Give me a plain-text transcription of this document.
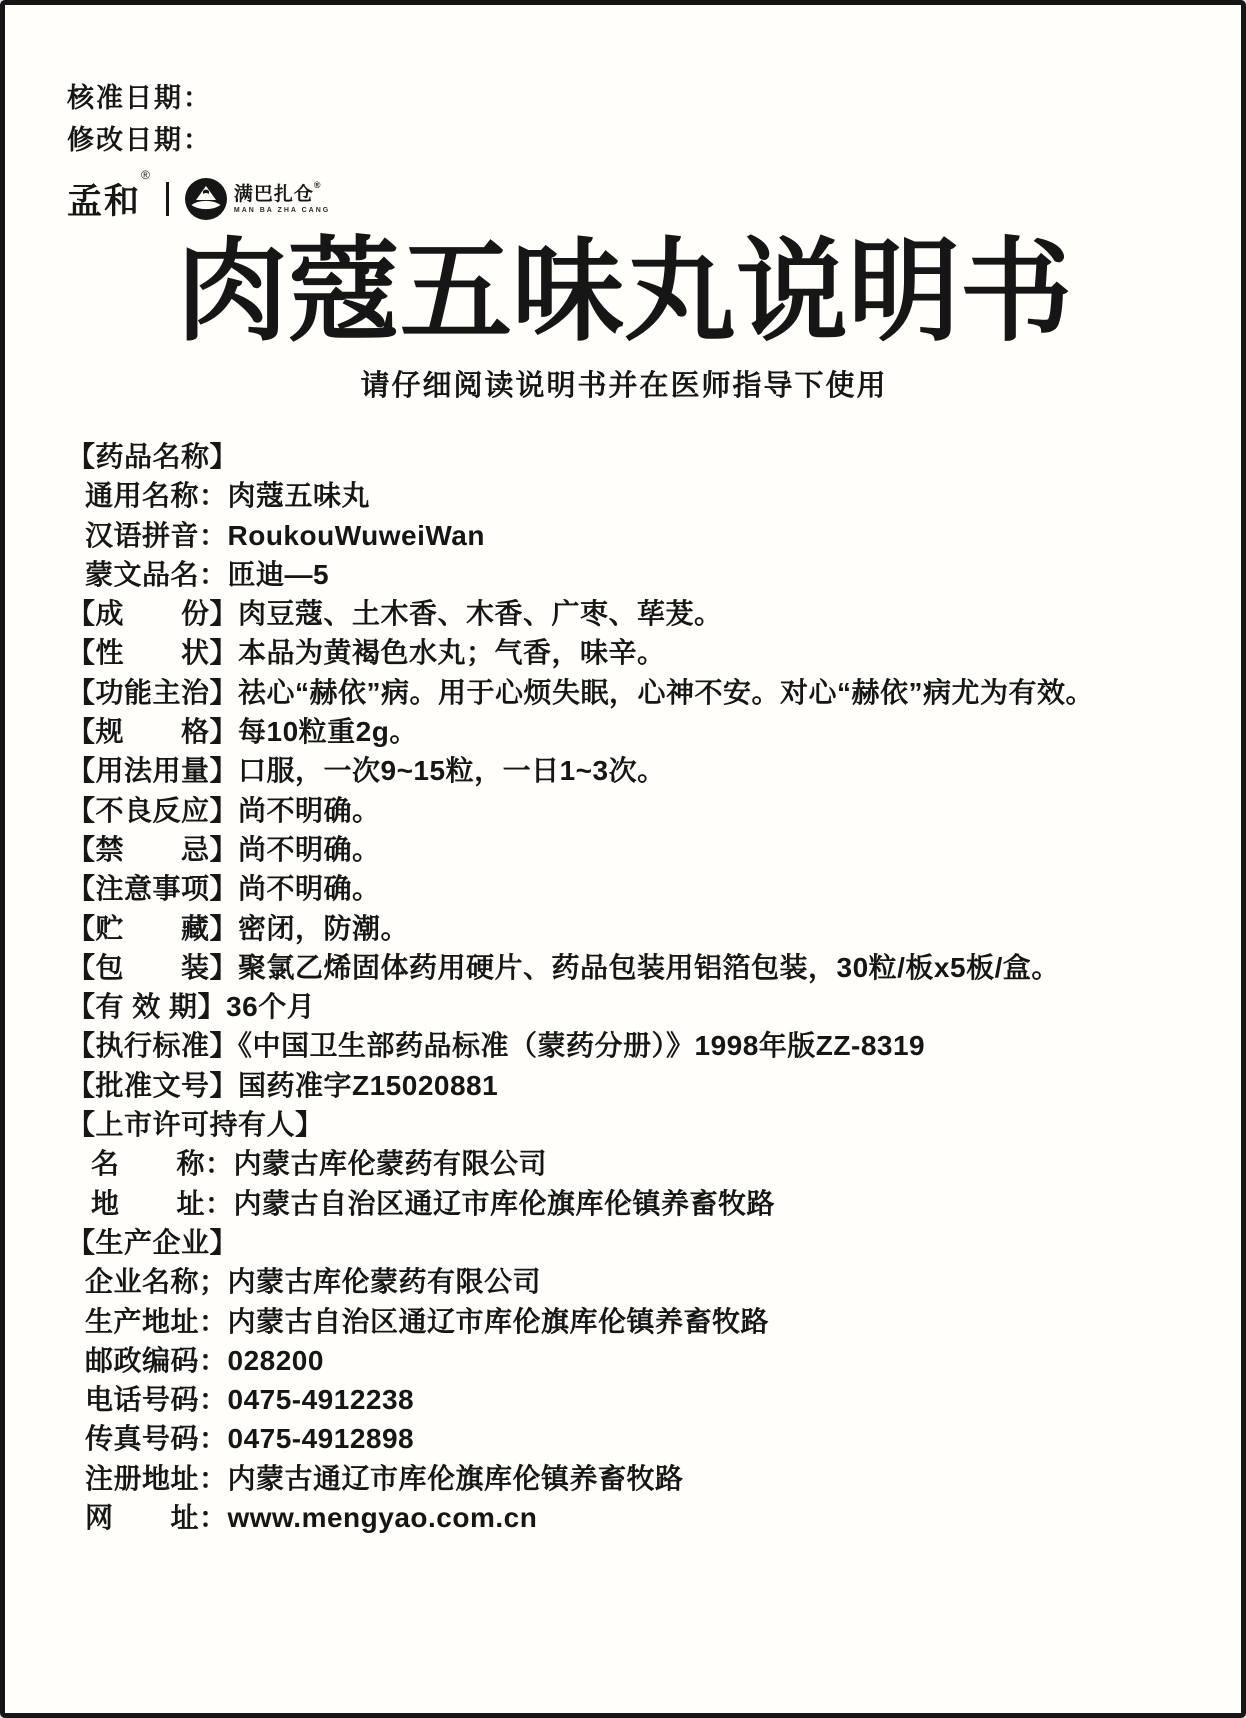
核准日期：
修改日期：
孟和®
满巴扎仓®
MAN BA ZHA CANG
肉蔻五味丸说明书
请仔细阅读说明书并在医师指导下使用
【药品名称】
通用名称：肉蔻五味丸
汉语拼音：RoukouWuweiWan
蒙文品名：匝迪—5
【成　　份】肉豆蔻、土木香、木香、广枣、荜茇。
【性　　状】本品为黄褐色水丸；气香，味辛。
【功能主治】祛心“赫依”病。用于心烦失眠，心神不安。对心“赫依”病尤为有效。
【规　　格】每10粒重2g。
【用法用量】口服，一次9~15粒，一日1~3次。
【不良反应】尚不明确。
【禁　　忌】尚不明确。
【注意事项】尚不明确。
【贮　　藏】密闭，防潮。
【包　　装】聚氯乙烯固体药用硬片、药品包装用铝箔包装，30粒/板x5板/盒。
【有 效 期】36个月
【执行标准】《中国卫生部药品标准（蒙药分册）》1998年版ZZ-8319
【批准文号】国药准字Z15020881
【上市许可持有人】
名　　称：内蒙古库伦蒙药有限公司
地　　址：内蒙古自治区通辽市库伦旗库伦镇养畜牧路
【生产企业】
企业名称；内蒙古库伦蒙药有限公司
生产地址：内蒙古自治区通辽市库伦旗库伦镇养畜牧路
邮政编码：028200
电话号码：0475-4912238
传真号码：0475-4912898
注册地址：内蒙古通辽市库伦旗库伦镇养畜牧路
网　　址：www.mengyao.com.cn
